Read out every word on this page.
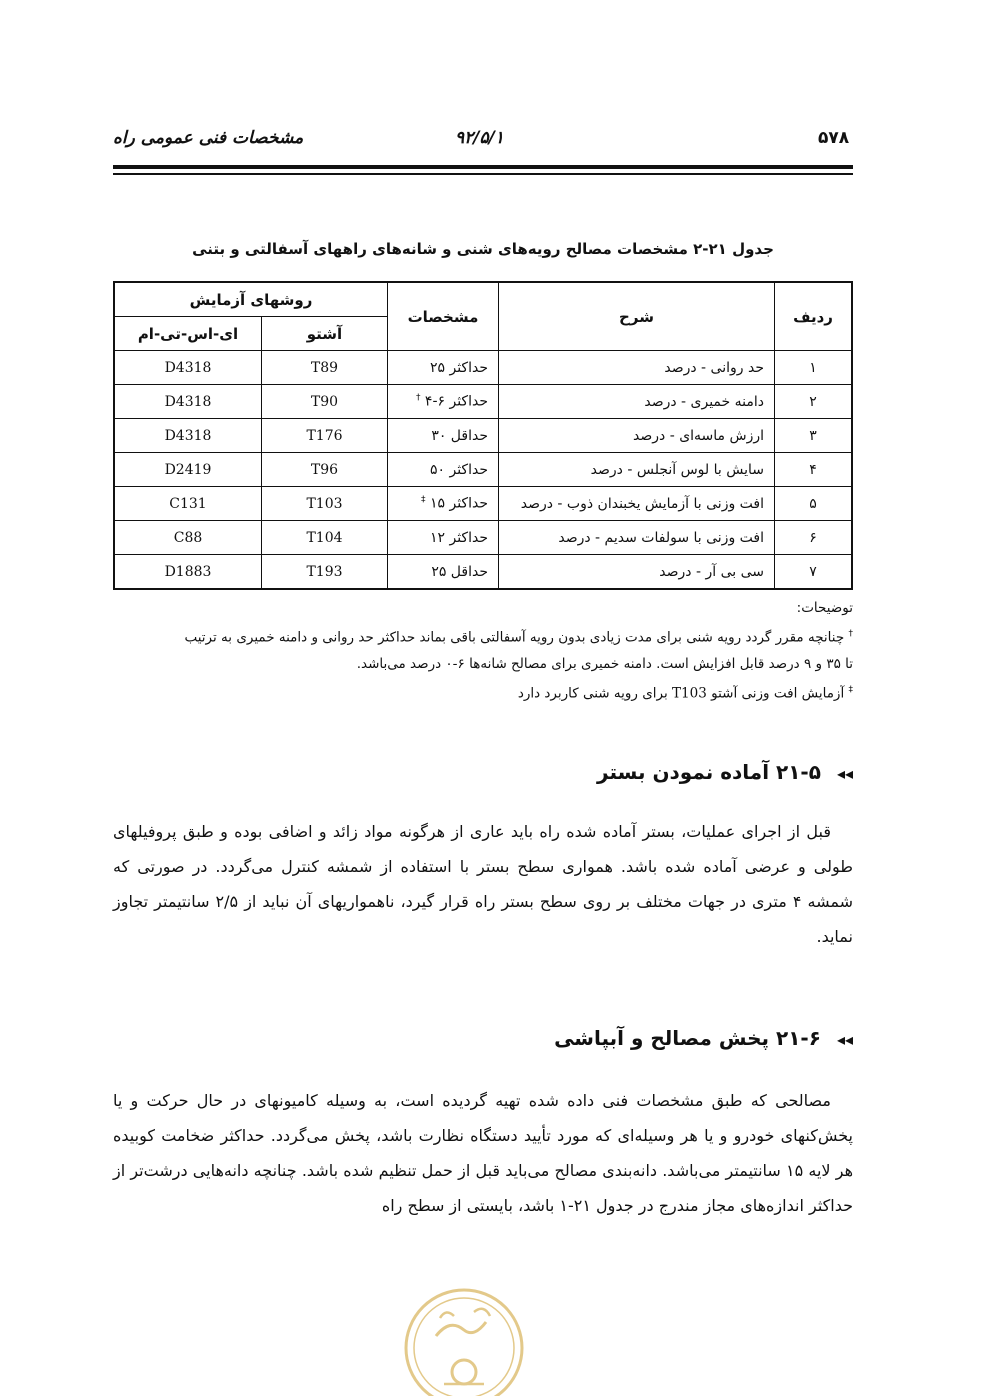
مشخصات فنی عمومی راه	۹۲/۵/۱	۵۷۸
جدول ۲۱-۲ مشخصات مصالح رویه‌های شنی و شانه‌های راههای آسفالتی و بتنی
ردیف	شرح	مشخصات	روشهای آزمایش	
			آشتو	ای-اس-تی-ام
۱	حد روانی - درصد	حداکثر ۲۵	T89	D4318
۲	دامنه خمیری - درصد	حداکثر ۶-۴ †	T90	D4318
۳	ارزش ماسه‌ای - درصد	حداقل ۳۰	T176	D4318
۴	سایش با لوس آنجلس - درصد	حداکثر ۵۰	T96	D2419
۵	افت وزنی با آزمایش یخبندان ذوب - درصد	حداکثر ۱۵ ‡	T103	C131
۶	افت وزنی با سولفات سدیم - درصد	حداکثر ۱۲	T104	C88
۷	سی بی آر - درصد	حداقل ۲۵	T193	D1883
توضیحات:
† چنانچه مقرر گردد رویه شنی برای مدت زیادی بدون رویه آسفالتی باقی بماند حداکثر حد روانی و دامنه خمیری به ترتیب
تا ۳۵ و ۹ درصد قابل افزایش است. دامنه خمیری برای مصالح شانه‌ها ۶-۰ درصد می‌باشد.
‡ آزمایش افت وزنی آشتو T103 برای رویه شنی کاربرد دارد
◂◂۲۱-۵ آماده نمودن بستر

قبل از اجرای عملیات، بستر آماده شده راه باید عاری از هرگونه مواد زائد و اضافی بوده و طبق پروفیلهای طولی و عرضی آماده شده باشد. همواری سطح بستر با استفاده از شمشه کنترل می‌گردد. در صورتی که شمشه ۴ متری در جهات مختلف بر روی سطح بستر راه قرار گیرد، ناهمواریهای آن نباید از ۲/۵ سانتیمتر تجاوز نماید.

◂◂۲۱-۶ پخش مصالح و آبپاشی

مصالحی که طبق مشخصات فنی داده شده تهیه گردیده است، به وسیله کامیونهای در حال حرکت و یا پخش‌کنهای خودرو و یا هر وسیله‌ای که مورد تأیید دستگاه نظارت باشد، پخش می‌گردد. حداکثر ضخامت کوبیده هر لایه ۱۵ سانتیمتر می‌باشد. دانه‌بندی مصالح می‌باید قبل از حمل تنظیم شده باشد. چنانچه دانه‌هایی درشت‌تر از حداکثر اندازه‌های مجاز مندرج در جدول ۲۱-۱ باشد، بایستی از سطح راه
